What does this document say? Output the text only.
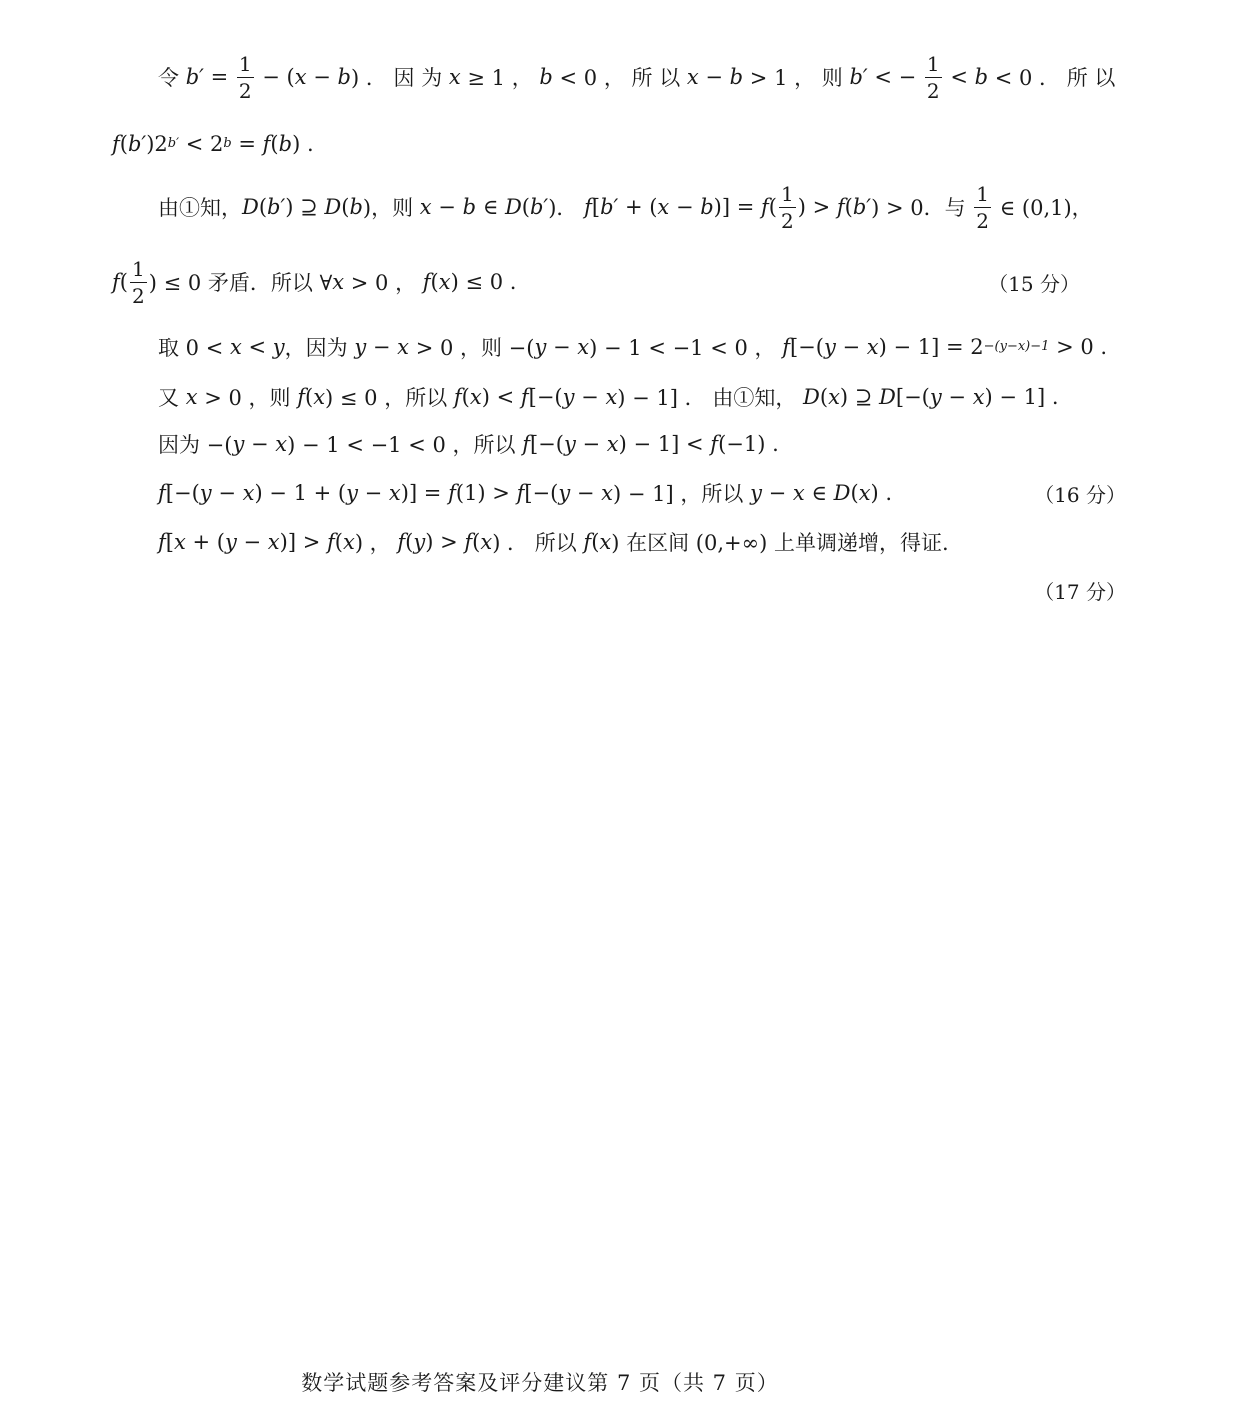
令 $b' = \frac{1}{2}$ − ( x − b ) ． 因 为 x ≥ 1 ， b < 0 ， 所 以 x − b > 1 ， 则 b′ < − $\frac{1}{2} < b < 0$ ． 所 以
f ( b′ )2 b′ < 2 b = f ( b ) .
由①知， D ( b′ ) ⊇ D ( b )，则 x − b ∈ D ( b′ )． f [ b′ + ( x − b )] = f ( $\frac{1}{2}$ ) > f ( b′ ) > 0．与 $\frac{1}{2}$ ∈ (0,1)，
f ( $\frac{1}{2}$ ) ≤ 0 矛盾．所以 ∀ x > 0 ， f ( x ) ≤ 0 .	（15 分）
取 0 < x < y ，因为 y − x > 0 ，则 −( y − x ) − 1 < −1 < 0 ， f [−( y − x ) − 1] = 2 −(y−x)−1 > 0 .
又 x > 0 ，则 f ( x ) ≤ 0 ，所以 f ( x ) < f [−( y − x ) − 1] ． 由①知， D ( x ) ⊇ D [−( y − x ) − 1] .
因为 −( y − x ) − 1 < −1 < 0 ，所以 f [−( y − x ) − 1] < f (−1) .
f [−( y − x ) − 1 + ( y − x )] = f (1) > f [−( y − x ) − 1] ，所以 y − x ∈ D ( x ) .	（16 分）
f [ x + ( y − x )] > f ( x ) ， f ( y ) > f ( x ) ． 所以 f ( x ) 在区间 (0,+∞) 上单调递增，得证.
（17 分）
数学试题参考答案及评分建议第 7 页（共 7 页）
